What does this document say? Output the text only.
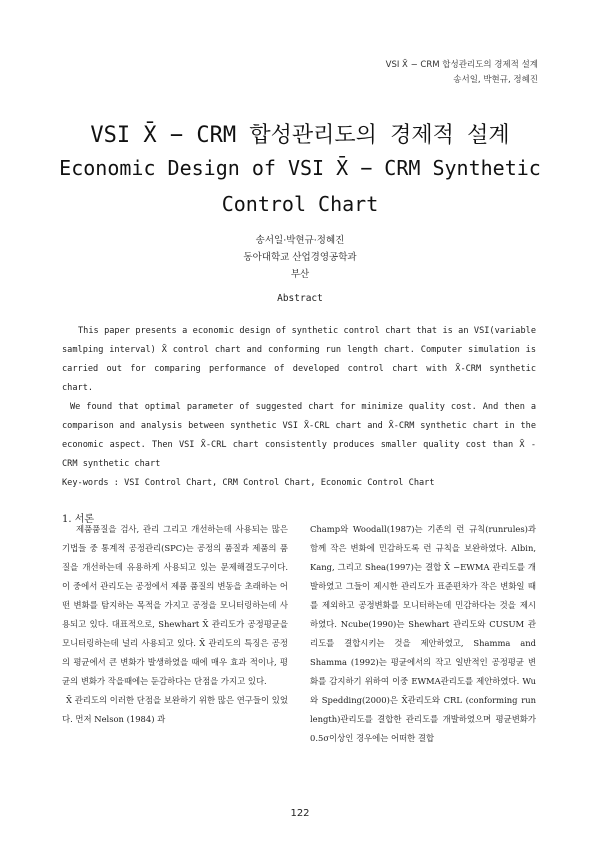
VSI X̄ − CRM 합성관리도의 경제적 설계
송서일, 박현규, 정혜진
VSI X̄ − CRM 합성관리도의 경제적 설계
Economic Design of VSI X̄ − CRM Synthetic
Control Chart
송서일·박현규·정혜진
동아대학교 산업경영공학과
부산
Abstract

This paper presents a economic design of synthetic control chart that is an VSI(variable samlping interval) X̄ control chart and conforming run length chart. Computer simulation is carried out for comparing performance of developed control chart with X̄-CRM synthetic chart.

We found that optimal parameter of suggested chart for minimize quality cost. And then a comparison and analysis between synthetic VSI X̄-CRL chart and X̄-CRM synthetic chart in the economic aspect. Then VSI X̄-CRL chart consistently produces smaller quality cost than X̄ -CRM synthetic chart

Key-words : VSI Control Chart, CRM Control Chart, Economic Control Chart
1. 서론

제품품질을 검사, 관리 그리고 개선하는데 사용되는 많은 기법들 중 통계적 공정관리(SPC)는 공정의 품질과 제품의 품질을 개선하는데 유용하게 사용되고 있는 문제해결도구이다. 이 중에서 관리도는 공정에서 제품 품질의 변동을 초래하는 어떤 변화를 탐지하는 목적을 가지고 공정을 모니터링하는데 사용되고 있다. 대표적으로, Shewhart X̄ 관리도가 공정평균을 모니터링하는데 널리 사용되고 있다. X̄ 관리도의 특징은 공정의 평균에서 큰 변화가 발생하였을 때에 매우 효과 적이나, 평균의 변화가 작을때에는 둔감하다는 단점을 가지고 있다.

X̄ 관리도의 이러한 단점을 보완하기 위한 많은 연구들이 있었다. 먼저 Nelson (1984) 과

Champ와 Woodall(1987)는 기존의 런 규칙(runrules)과 함께 작은 변화에 민감하도록 런 규칙을 보완하였다. Albin, Kang, 그리고 Shea(1997)는 결합 X̄ −EWMA 관리도를 개발하였고 그들이 제시한 관리도가 표준편차가 작은 변화일 때를 제외하고 공정변화를 모니터하는데 민감하다는 것을 제시하였다. Ncube(1990)는 Shewhart 관리도와 CUSUM 관리도를 결합시키는 것을 제안하였고, Shamma and Shamma (1992)는 평균에서의 작고 일반적인 공정평균 변화를 감지하기 위하여 이중 EWMA관리도를 제안하였다. Wu 와 Spedding(2000)은 X̄관리도와 CRL (conforming run length)관리도를 결합한 관리도를 개발하였으며 평균변화가 0.5σ이상인 경우에는 어떠한 결합

122
